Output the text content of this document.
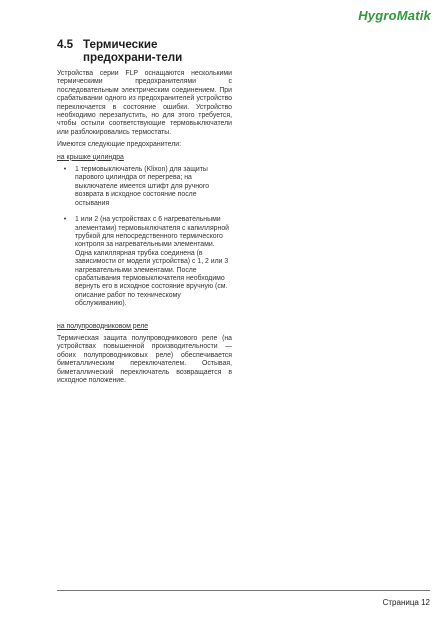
HygroMatik
4.5 Термические предохрани-тели

Устройства серии FLP оснащаются несколькими термическими предохранителями с последовательным электрическим соединением. При срабатывании одного из предохранителей устройство переключается в состояние ошибки. Устройство необходимо перезапустить, но для этого требуется, чтобы остыли соответствующие термовыключатели или разблокировались термостаты.

Имеются следующие предохранители:

на крышке цилиндра

•	1 термовыключатель (Klixon) для защиты парового цилиндра от перегрева; на выключателе имеется штифт для ручного возврата в исходное состояние после остывания
•	1 или 2 (на устройствах с 6 нагревательными элементами) термовыключателя с капиллярной трубкой для непосредственного термического контроля за нагревательными элементами. Одна капиллярная трубка соединена (в зависимости от модели устройства) с 1, 2 или 3 нагревательными элементами. После срабатывания термовыключателя необходимо вернуть его в исходное состояние вручную (см. описание работ по техническому обслуживанию).

на полупроводниковом реле

Термическая защита полупроводникового реле (на устройствах повышенной производительности — обоих полупроводниковых реле) обеспечивается биметаллическим переключателем. Остывая, биметаллический переключатель возвращается в исходное положение.

Страница 12
